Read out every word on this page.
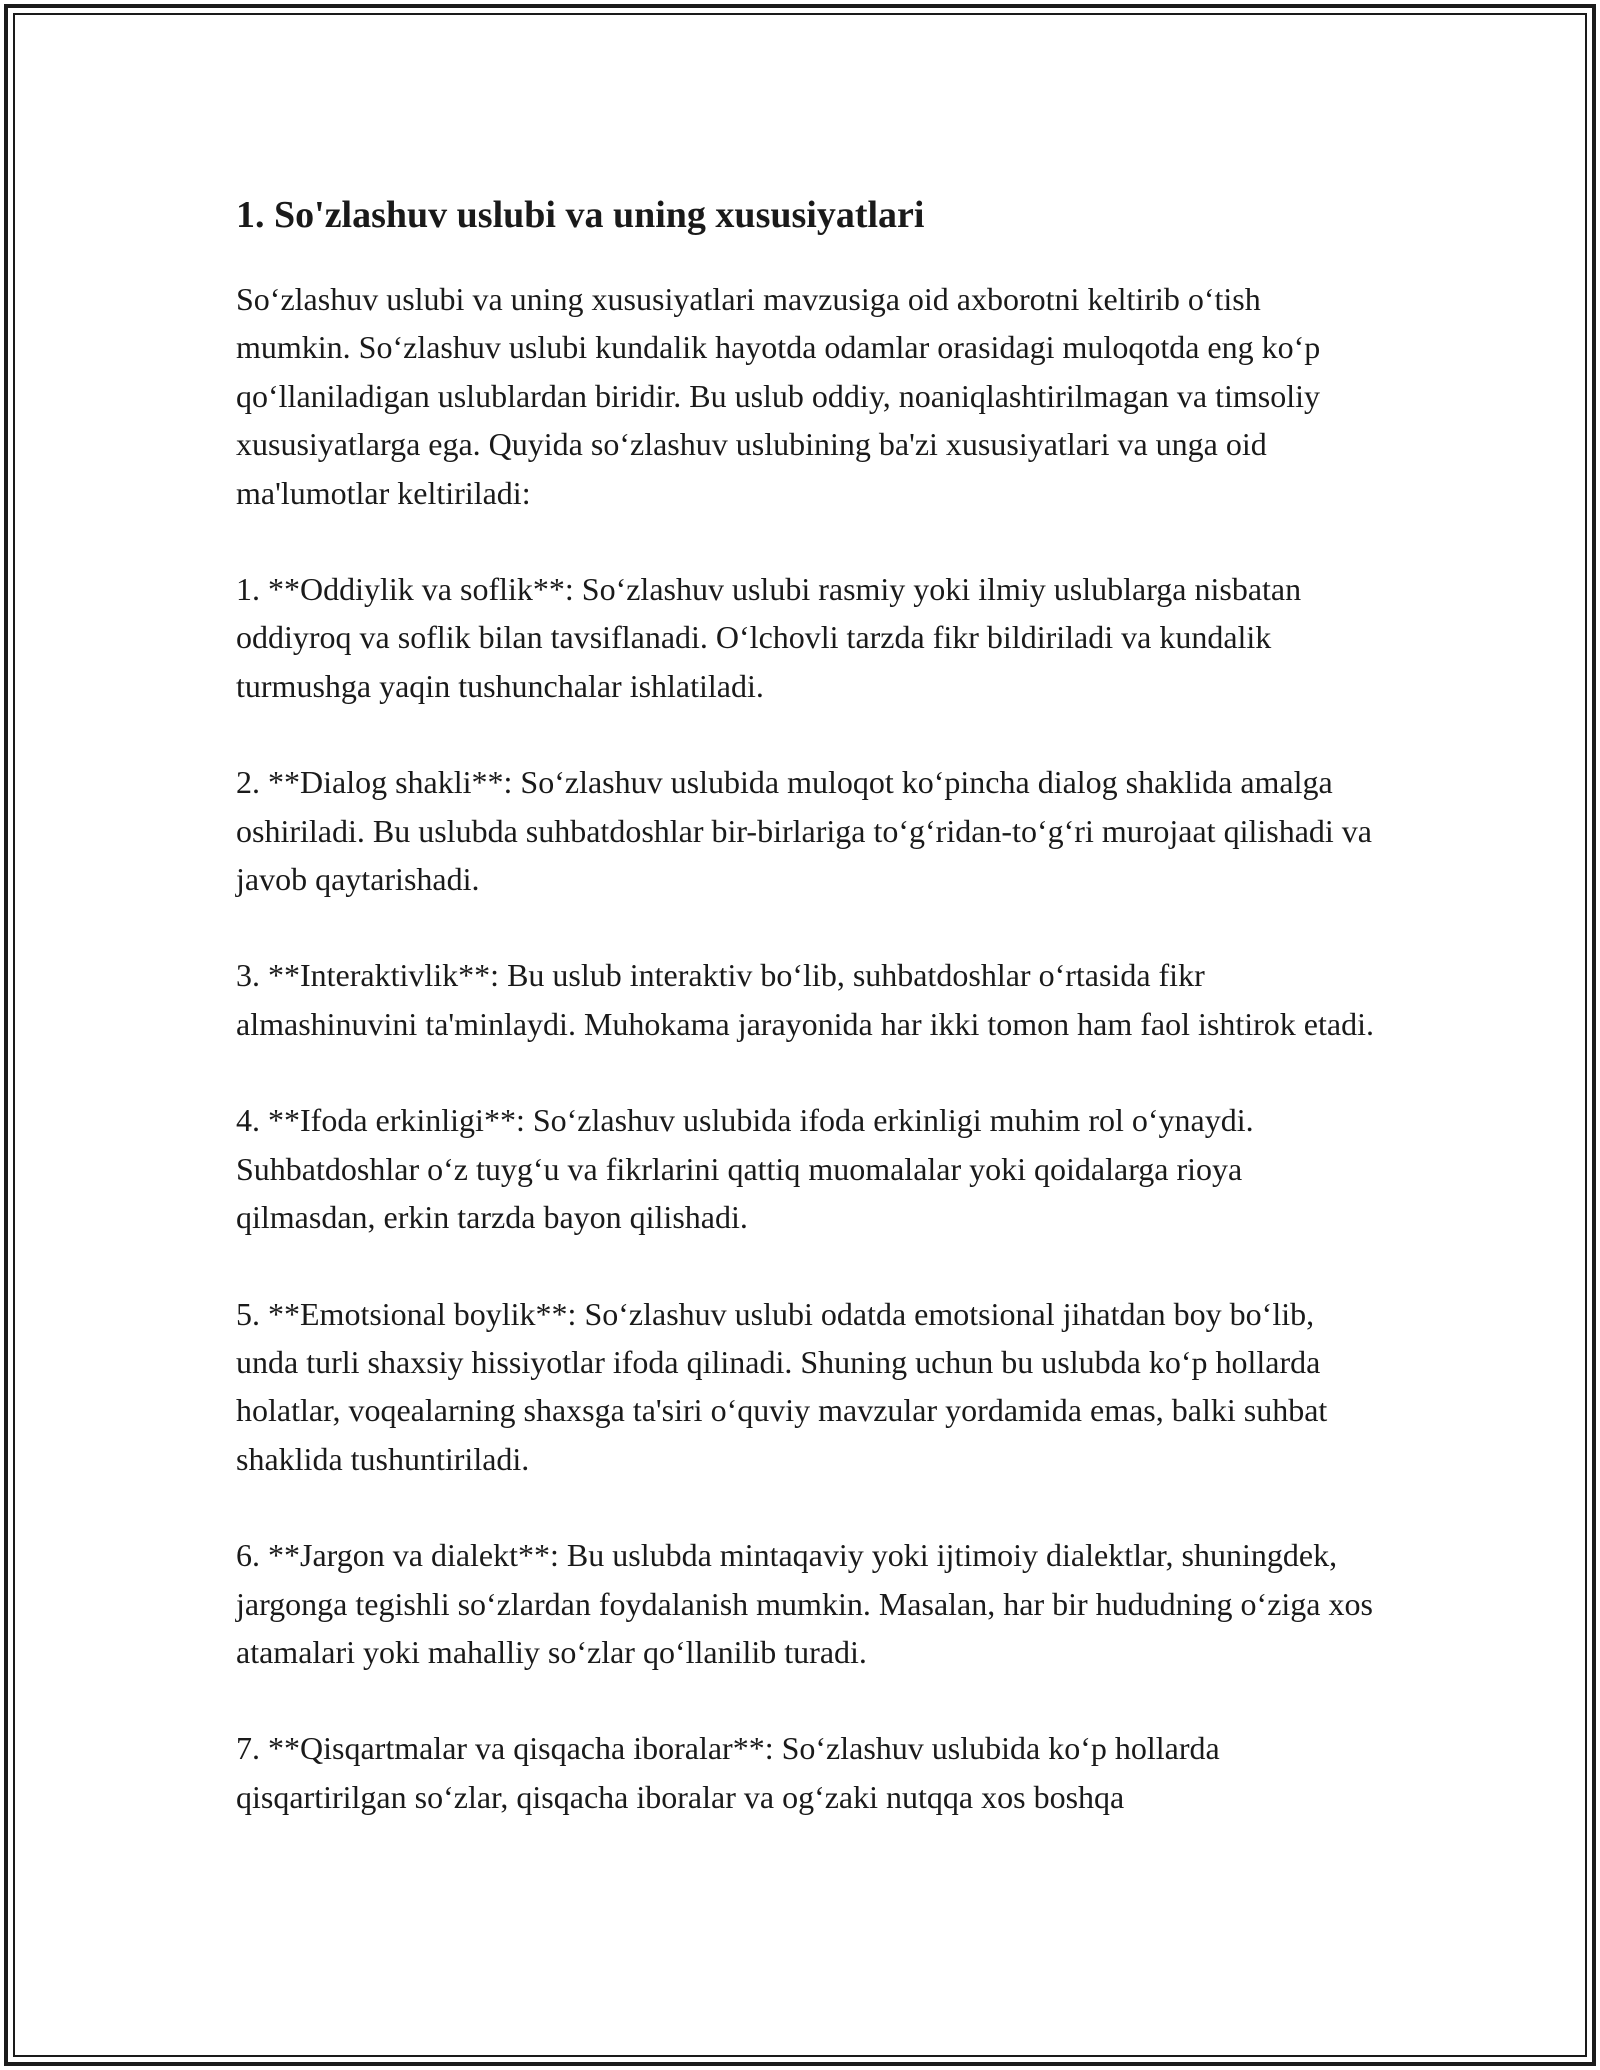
1. So'zlashuv uslubi va uning xususiyatlari

So‘zlashuv uslubi va uning xususiyatlari mavzusiga oid axborotni keltirib o‘tish mumkin. So‘zlashuv uslubi kundalik hayotda odamlar orasidagi muloqotda eng ko‘p qo‘llaniladigan uslublardan biridir. Bu uslub oddiy, noaniqlashtirilmagan va timsoliy xususiyatlarga ega. Quyida so‘zlashuv uslubining ba'zi xususiyatlari va unga oid ma'lumotlar keltiriladi:

1. **Oddiylik va soflik**: So‘zlashuv uslubi rasmiy yoki ilmiy uslublarga nisbatan oddiyroq va soflik bilan tavsiflanadi. O‘lchovli tarzda fikr bildiriladi va kundalik turmushga yaqin tushunchalar ishlatiladi.

2. **Dialog shakli**: So‘zlashuv uslubida muloqot ko‘pincha dialog shaklida amalga oshiriladi. Bu uslubda suhbatdoshlar bir-birlariga to‘g‘ridan-to‘g‘ri murojaat qilishadi va javob qaytarishadi.

3. **Interaktivlik**: Bu uslub interaktiv bo‘lib, suhbatdoshlar o‘rtasida fikr almashinuvini ta'minlaydi. Muhokama jarayonida har ikki tomon ham faol ishtirok etadi.

4. **Ifoda erkinligi**: So‘zlashuv uslubida ifoda erkinligi muhim rol o‘ynaydi. Suhbatdoshlar o‘z tuyg‘u va fikrlarini qattiq muomalalar yoki qoidalarga rioya qilmasdan, erkin tarzda bayon qilishadi.

5. **Emotsional boylik**: So‘zlashuv uslubi odatda emotsional jihatdan boy bo‘lib, unda turli shaxsiy hissiyotlar ifoda qilinadi. Shuning uchun bu uslubda ko‘p hollarda holatlar, voqealarning shaxsga ta'siri o‘quviy mavzular yordamida emas, balki suhbat shaklida tushuntiriladi.

6. **Jargon va dialekt**: Bu uslubda mintaqaviy yoki ijtimoiy dialektlar, shuningdek, jargonga tegishli so‘zlardan foydalanish mumkin. Masalan, har bir hududning o‘ziga xos atamalari yoki mahalliy so‘zlar qo‘llanilib turadi.

7. **Qisqartmalar va qisqacha iboralar**: So‘zlashuv uslubida ko‘p hollarda qisqartirilgan so‘zlar, qisqacha iboralar va og‘zaki nutqqa xos boshqa
